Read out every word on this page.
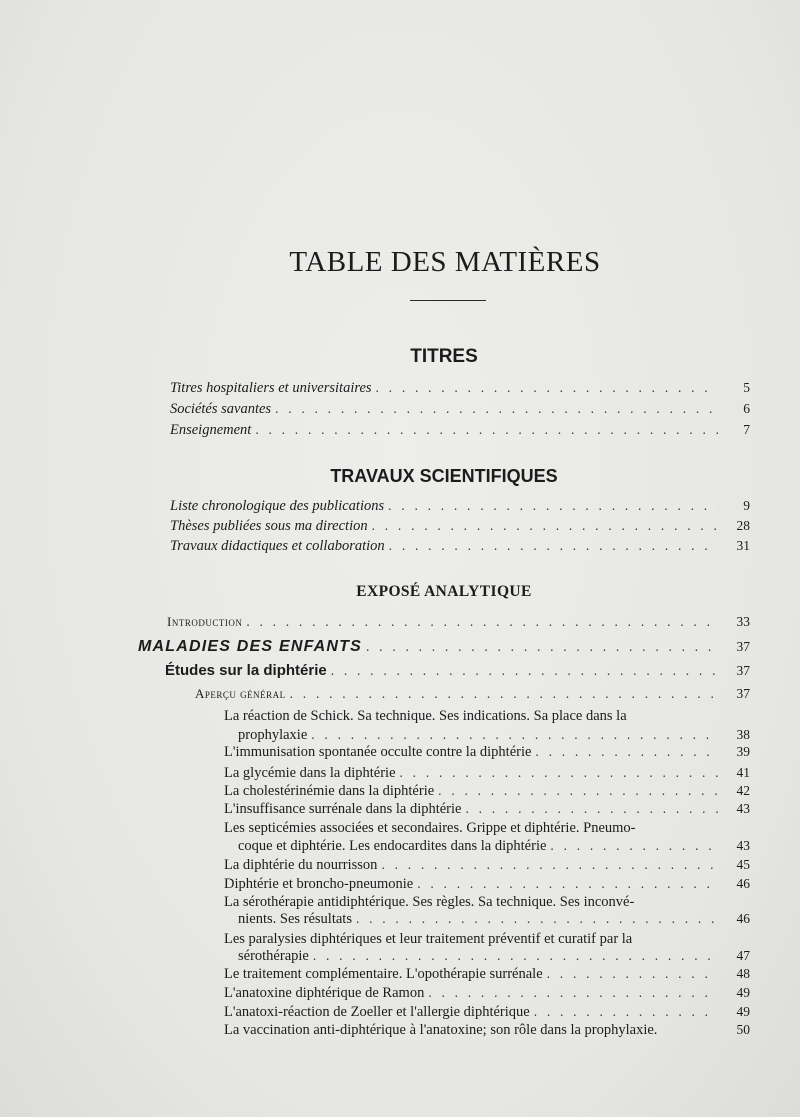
TABLE DES MATIÈRES
TITRES
Titres hospitaliers et universitaires . . .	5
Sociétés savantes . . .	6
Enseignement . . .	7
TRAVAUX SCIENTIFIQUES
Liste chronologique des publications . . .	9
Thèses publiées sous ma direction . . .	28
Travaux didactiques et collaboration . . .	31
EXPOSÉ ANALYTIQUE
Introduction . . .	33
MALADIES DES ENFANTS . . .	37
Études sur la diphtérie . . .	37
Aperçu général . . .	37
La réaction de Schick. Sa technique. Ses indications. Sa place dans la
prophylaxie . . .	38
L'immunisation spontanée occulte contre la diphtérie . . .	39
La glycémie dans la diphtérie . . .	41
La cholestérinémie dans la diphtérie . . .	42
L'insuffisance surrénale dans la diphtérie . . .	43
Les septicémies associées et secondaires. Grippe et diphtérie. Pneumo-
coque et diphtérie. Les endocardites dans la diphtérie . . .	43
La diphtérie du nourrisson . . .	45
Diphtérie et broncho-pneumonie . . .	46
La sérothérapie antidiphtérique. Ses règles. Sa technique. Ses inconvé-
nients. Ses résultats . . .	46
Les paralysies diphtériques et leur traitement préventif et curatif par la
sérothérapie . . .	47
Le traitement complémentaire. L'opothérapie surrénale . . .	48
L'anatoxine diphtérique de Ramon . . .	49
L'anatoxi-réaction de Zoeller et l'allergie diphtérique . . .	49
La vaccination anti-diphtérique à l'anatoxine; son rôle dans la prophylaxie.	50
